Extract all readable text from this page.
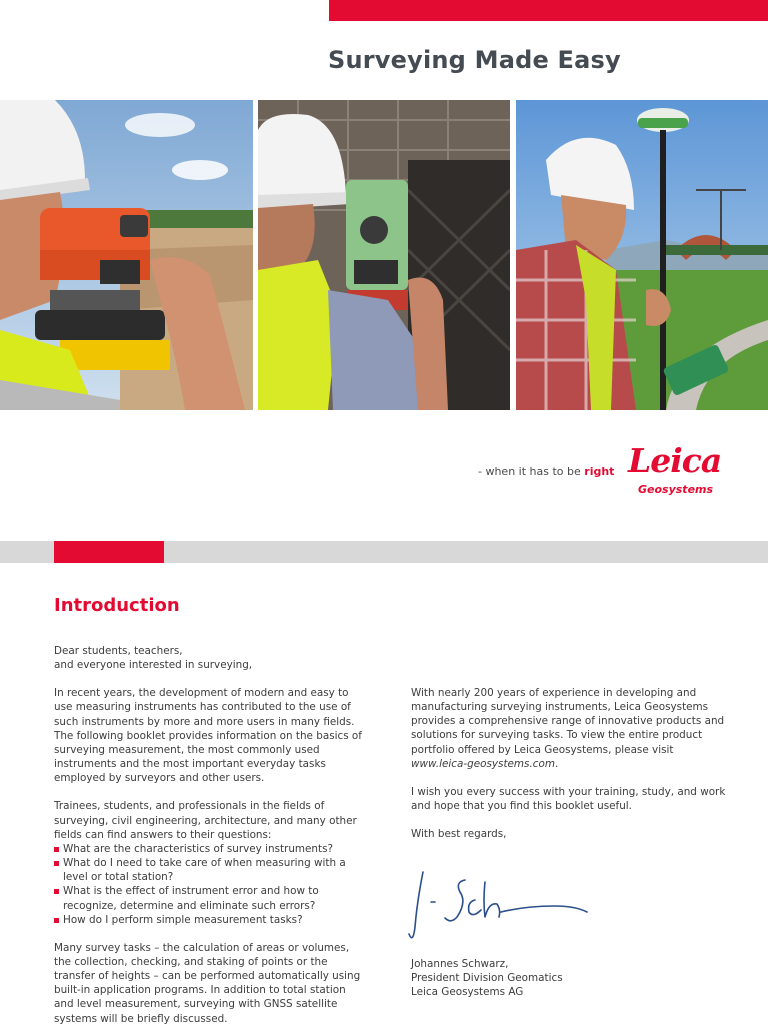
Surveying Made Easy
- when it has to be right Leica
Geosystems
Introduction

Dear students, teachers,

and everyone interested in surveying,

In recent years, the development of modern and easy to use measuring instruments has contributed to the use of such instruments by more and more users in many fields. The following booklet provides information on the basics of surveying measurement, the most commonly used instruments and the most important everyday tasks employed by surveyors and other users.

Trainees, students, and professionals in the fields of surveying, civil engineering, architecture, and many other fields can find answers to their questions:

What are the characteristics of survey instruments?
What do I need to take care of when measuring with a level or total station?
What is the effect of instrument error and how to recognize, determine and eliminate such errors?
How do I perform simple measurement tasks?

Many survey tasks – the calculation of areas or volumes, the collection, checking, and staking of points or the transfer of heights – can be performed automatically using built-in application programs. In addition to total station and level measurement, surveying with GNSS satellite systems will be briefly discussed.

With nearly 200 years of experience in developing and manufacturing surveying instruments, Leica Geosystems provides a comprehensive range of innovative products and solutions for surveying tasks. To view the entire product portfolio offered by Leica Geosystems, please visit www.leica-geosystems.com.

I wish you every success with your training, study, and work and hope that you find this booklet useful.

With best regards,

Johannes Schwarz,

President Division Geomatics

Leica Geosystems AG
